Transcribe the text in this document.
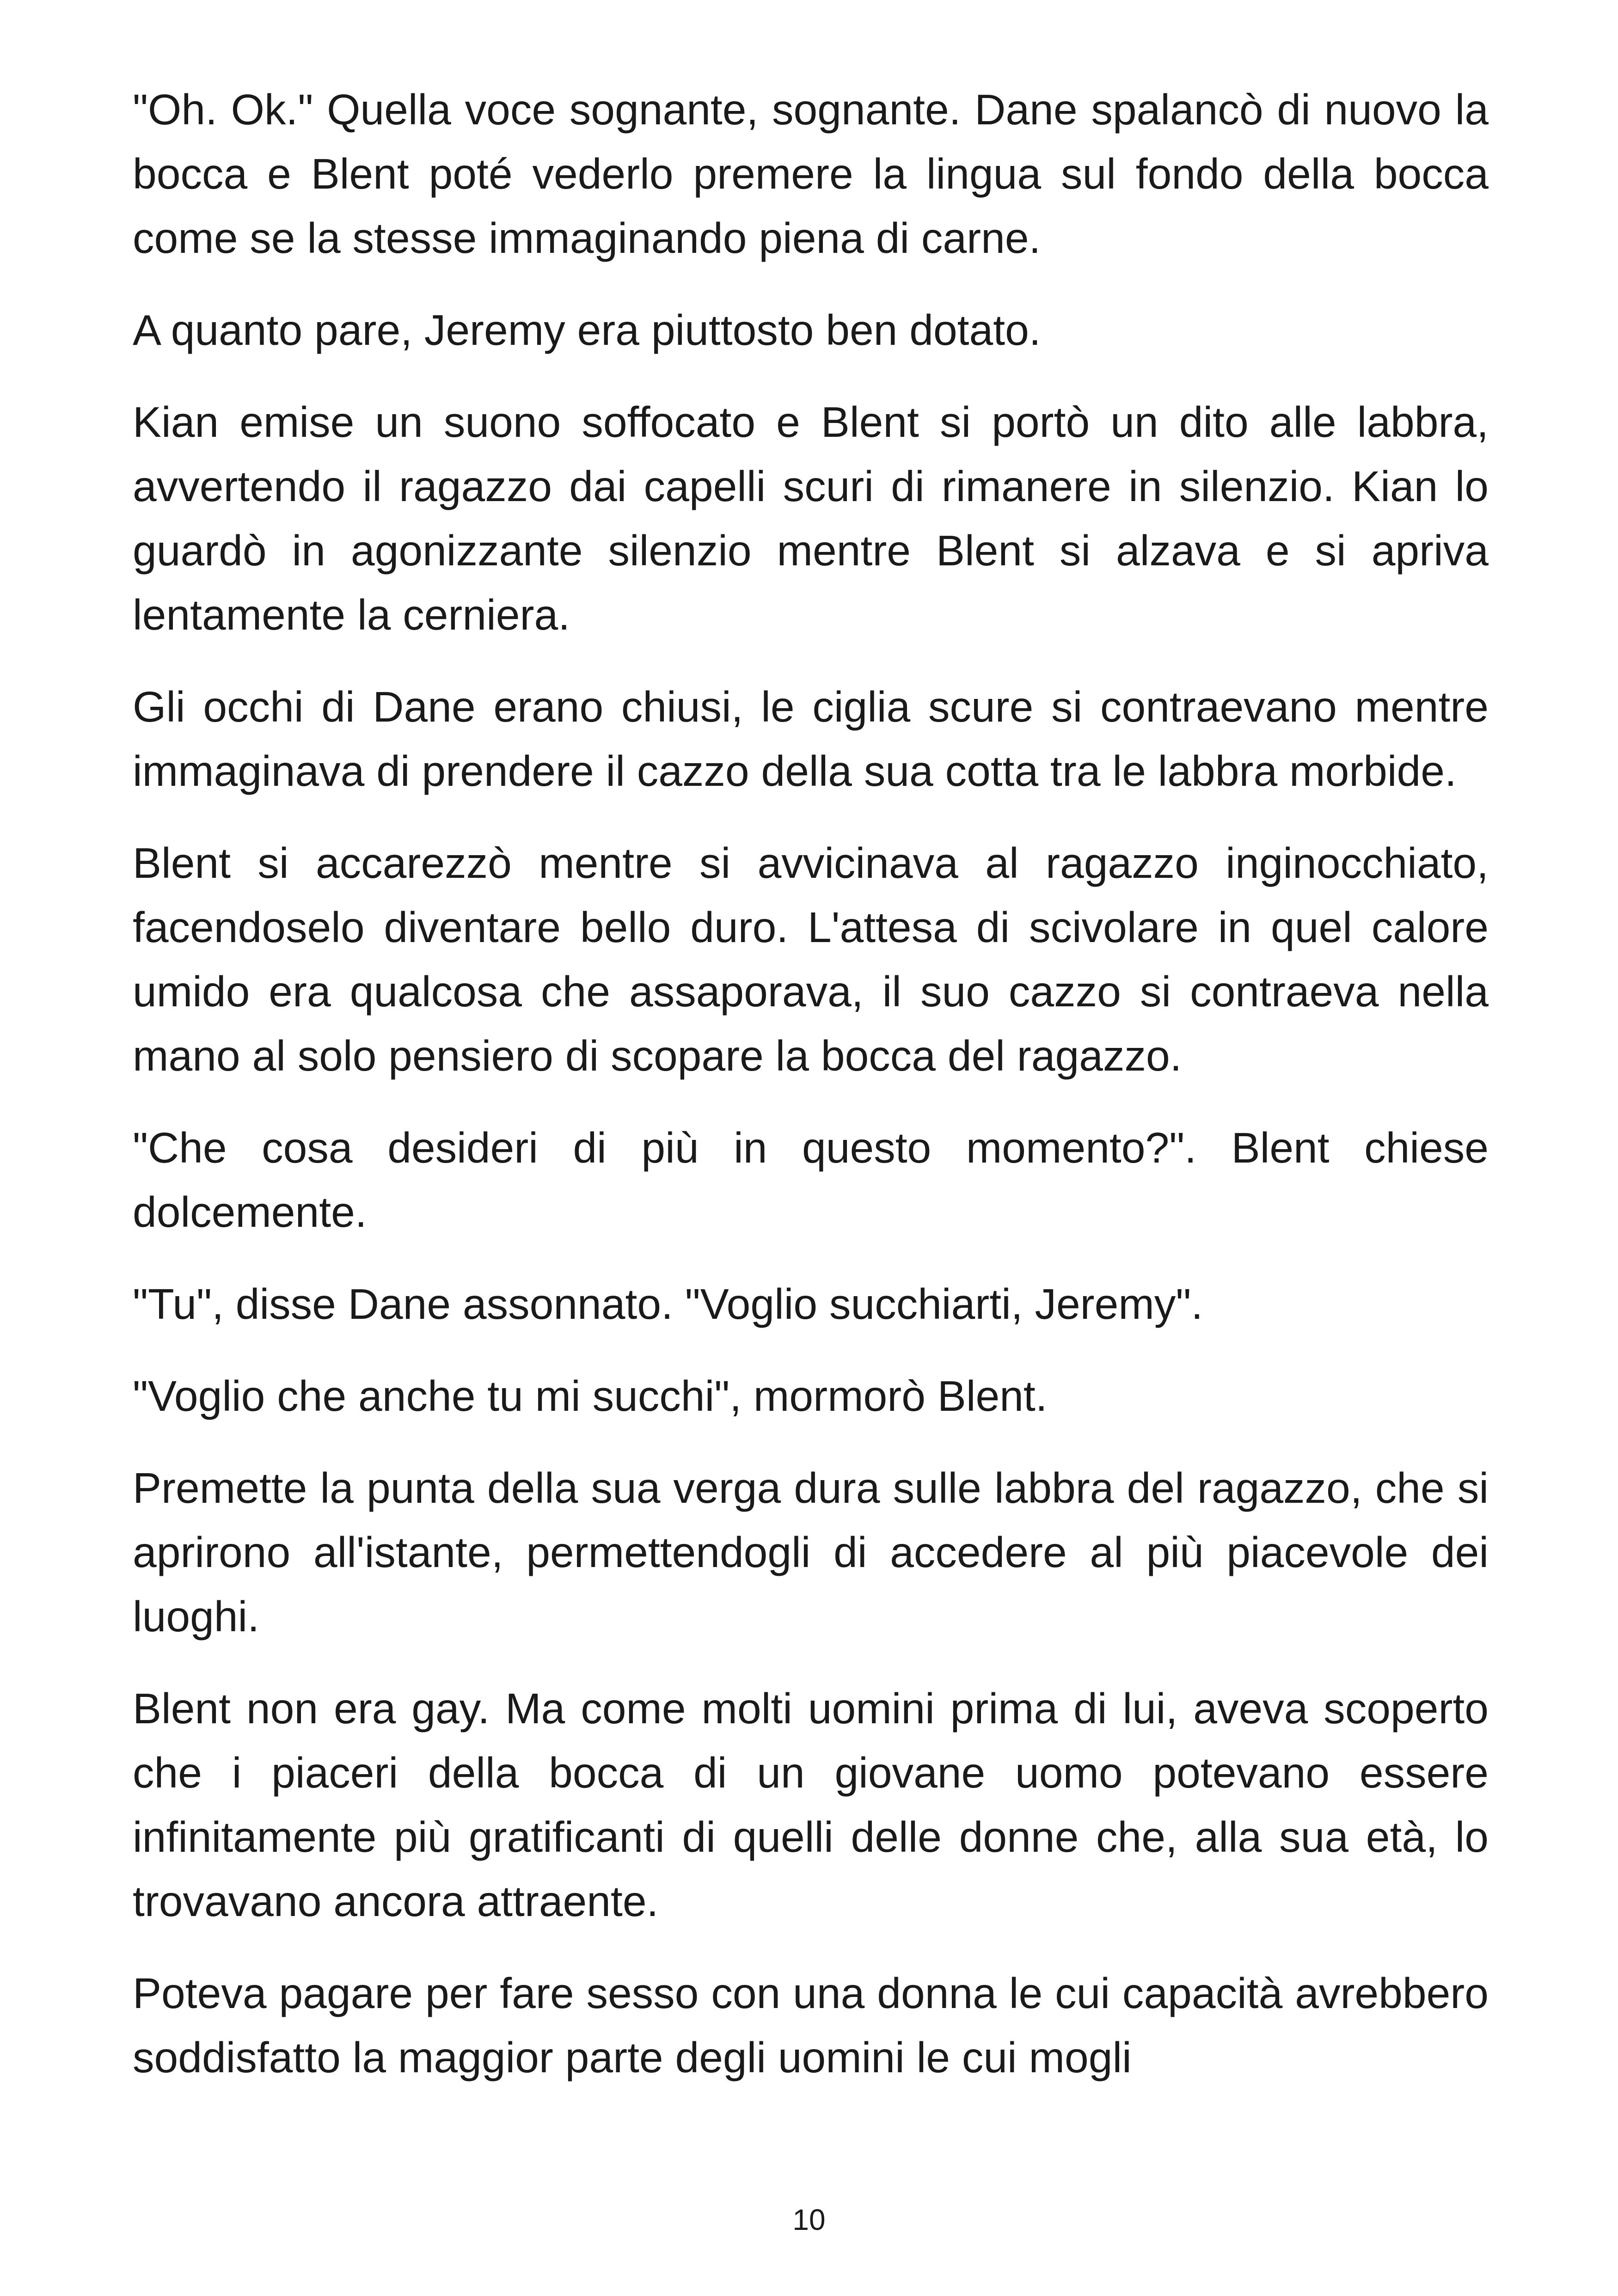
"Oh. Ok." Quella voce sognante, sognante. Dane spalancò di nuovo la bocca e Blent poté vederlo premere la lingua sul fondo della bocca come se la stesse immaginando piena di carne.

A quanto pare, Jeremy era piuttosto ben dotato.

Kian emise un suono soffocato e Blent si portò un dito alle labbra, avvertendo il ragazzo dai capelli scuri di rimanere in silenzio. Kian lo guardò in agonizzante silenzio mentre Blent si alzava e si apriva lentamente la cerniera.

Gli occhi di Dane erano chiusi, le ciglia scure si contraevano mentre immaginava di prendere il cazzo della sua cotta tra le labbra morbide.

Blent si accarezzò mentre si avvicinava al ragazzo inginocchiato, facendoselo diventare bello duro. L'attesa di scivolare in quel calore umido era qualcosa che assaporava, il suo cazzo si contraeva nella mano al solo pensiero di scopare la bocca del ragazzo.

"Che cosa desideri di più in questo momento?". Blent chiese dolcemente.

"Tu", disse Dane assonnato. "Voglio succhiarti, Jeremy".

"Voglio che anche tu mi succhi", mormorò Blent.

Premette la punta della sua verga dura sulle labbra del ragazzo, che si aprirono all'istante, permettendogli di accedere al più piacevole dei luoghi.

Blent non era gay. Ma come molti uomini prima di lui, aveva scoperto che i piaceri della bocca di un giovane uomo potevano essere infinitamente più gratificanti di quelli delle donne che, alla sua età, lo trovavano ancora attraente.

Poteva pagare per fare sesso con una donna le cui capacità avrebbero soddisfatto la maggior parte degli uomini le cui mogli

10
